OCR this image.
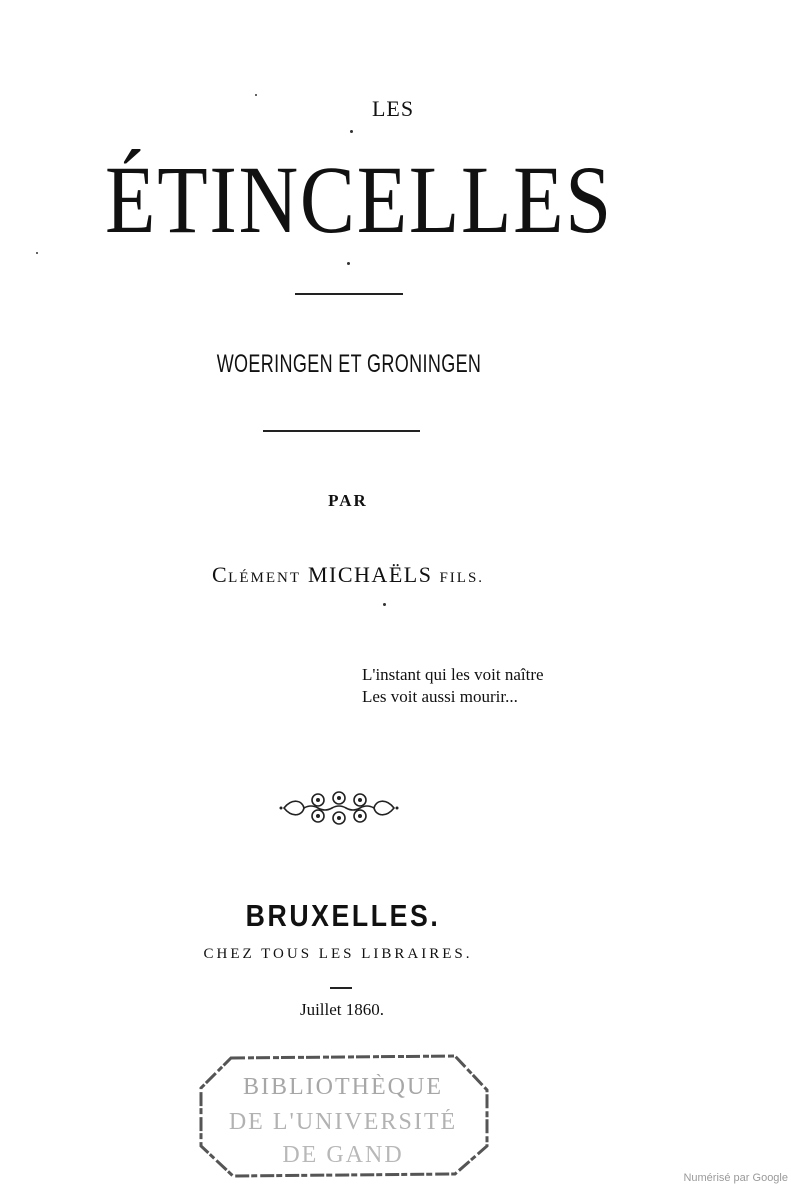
LES
ÉTINCELLES
WOERINGEN ET GRONINGEN
PAR
CLÉMENT MICHAËLS FILS.
L'instant qui les voit naître
Les voit aussi mourir...
BRUXELLES.
CHEZ TOUS LES LIBRAIRES.
Juillet 1860.
BIBLIOTHÈQUE
DE L'UNIVERSITÉ
DE GAND
Numérisé par Google
